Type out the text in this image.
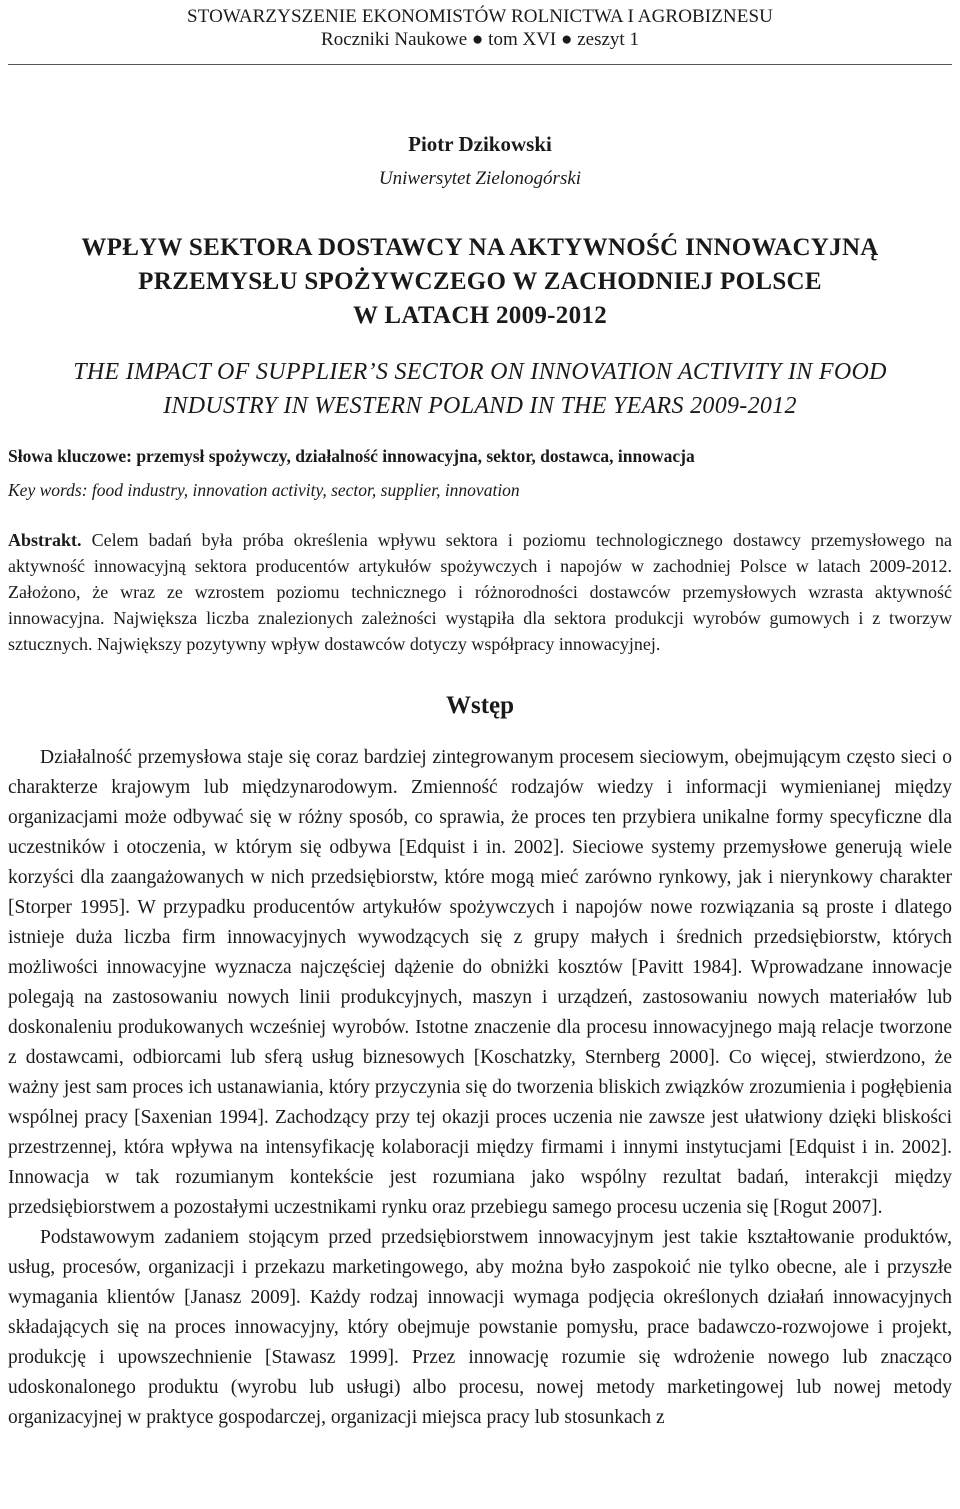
STOWARZYSZENIE EKONOMISTÓW ROLNICTWA I AGROBIZNESU
Roczniki Naukowe ● tom XVI ● zeszyt 1
Piotr Dzikowski
Uniwersytet Zielonogórski
WPŁYW SEKTORA DOSTAWCY NA AKTYWNOŚĆ INNOWACYJNĄ
PRZEMYSŁU SPOŻYWCZEGO W ZACHODNIEJ POLSCE
W LATACH 2009-2012
THE IMPACT OF SUPPLIER’S SECTOR ON INNOVATION ACTIVITY IN FOOD
INDUSTRY IN WESTERN POLAND IN THE YEARS 2009-2012
Słowa kluczowe: przemysł spożywczy, działalność innowacyjna, sektor, dostawca, innowacja
Key words: food industry, innovation activity, sector, supplier, innovation
Abstrakt. Celem badań była próba określenia wpływu sektora i poziomu technologicznego dostawcy przemysłowego na aktywność innowacyjną sektora producentów artykułów spożywczych i napojów w zachodniej Polsce w latach 2009-2012. Założono, że wraz ze wzrostem poziomu technicznego i różnorodności dostawców przemysłowych wzrasta aktywność innowacyjna. Największa liczba znalezionych zależności wystąpiła dla sektora produkcji wyrobów gumowych i z tworzyw sztucznych. Największy pozytywny wpływ dostawców dotyczy współpracy innowacyjnej.
Wstęp

Działalność przemysłowa staje się coraz bardziej zintegrowanym procesem sieciowym, obejmującym często sieci o charakterze krajowym lub międzynarodowym. Zmienność rodzajów wiedzy i informacji wymienianej między organizacjami może odbywać się w różny sposób, co sprawia, że proces ten przybiera unikalne formy specyficzne dla uczestników i otoczenia, w którym się odbywa [Edquist i in. 2002]. Sieciowe systemy przemysłowe generują wiele korzyści dla zaangażowanych w nich przedsiębiorstw, które mogą mieć zarówno rynkowy, jak i nierynkowy charakter [Storper 1995]. W przypadku producentów artykułów spożywczych i napojów nowe rozwiązania są proste i dlatego istnieje duża liczba firm innowacyjnych wywodzących się z grupy małych i średnich przedsiębiorstw, których możliwości innowacyjne wyznacza najczęściej dążenie do obniżki kosztów [Pavitt 1984]. Wprowadzane innowacje polegają na zastosowaniu nowych linii produkcyjnych, maszyn i urządzeń, zastosowaniu nowych materiałów lub doskonaleniu produkowanych wcześniej wyrobów. Istotne znaczenie dla procesu innowacyjnego mają relacje tworzone z dostawcami, odbiorcami lub sferą usług biznesowych [Koschatzky, Sternberg 2000]. Co więcej, stwierdzono, że ważny jest sam proces ich ustanawiania, który przyczynia się do tworzenia bliskich związków zrozumienia i pogłębienia wspólnej pracy [Saxenian 1994]. Zachodzący przy tej okazji proces uczenia nie zawsze jest ułatwiony dzięki bliskości przestrzennej, która wpływa na intensyfikację kolaboracji między firmami i innymi instytucjami [Edquist i in. 2002]. Innowacja w tak rozumianym kontekście jest rozumiana jako wspólny rezultat badań, interakcji między przedsiębiorstwem a pozostałymi uczestnikami rynku oraz przebiegu samego procesu uczenia się [Rogut 2007].

Podstawowym zadaniem stojącym przed przedsiębiorstwem innowacyjnym jest takie kształtowanie produktów, usług, procesów, organizacji i przekazu marketingowego, aby można było zaspokoić nie tylko obecne, ale i przyszłe wymagania klientów [Janasz 2009]. Każdy rodzaj innowacji wymaga podjęcia określonych działań innowacyjnych składających się na proces innowacyjny, który obejmuje powstanie pomysłu, prace badawczo-rozwojowe i projekt, produkcję i upowszechnienie [Stawasz 1999]. Przez innowację rozumie się wdrożenie nowego lub znacząco udoskonalonego produktu (wyrobu lub usługi) albo procesu, nowej metody marketingowej lub nowej metody organizacyjnej w praktyce gospodarczej, organizacji miejsca pracy lub stosunkach z
